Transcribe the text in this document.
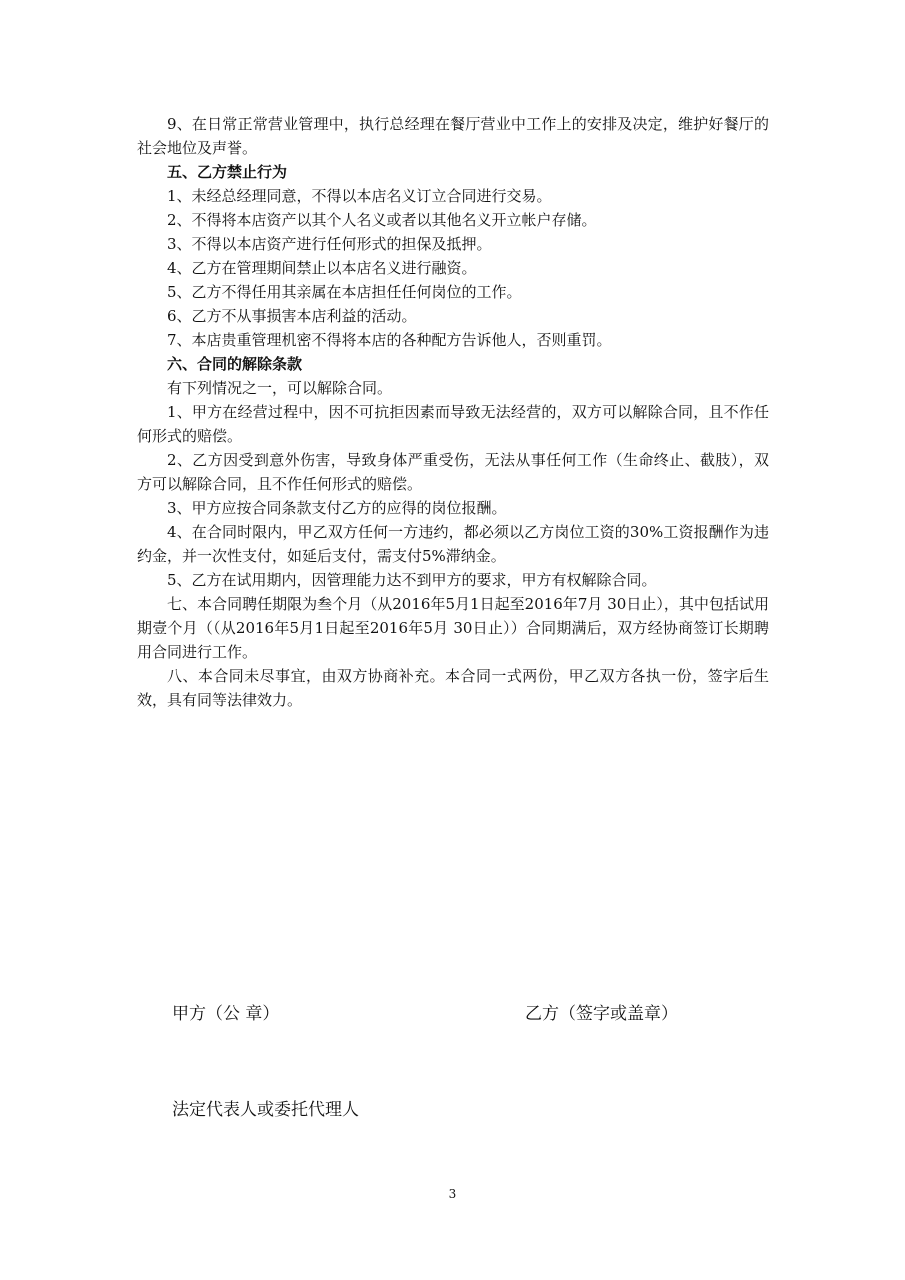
9、在日常正常营业管理中，执行总经理在餐厅营业中工作上的安排及决定，维护好餐厅的社会地位及声誉。

五、乙方禁止行为

1、未经总经理同意，不得以本店名义订立合同进行交易。

2、不得将本店资产以其个人名义或者以其他名义开立帐户存储。

3、不得以本店资产进行任何形式的担保及抵押。

4、乙方在管理期间禁止以本店名义进行融资。

5、乙方不得任用其亲属在本店担任任何岗位的工作。

6、乙方不从事损害本店利益的活动。

7、本店贵重管理机密不得将本店的各种配方告诉他人，否则重罚。

六、合同的解除条款

有下列情况之一，可以解除合同。

1、甲方在经营过程中，因不可抗拒因素而导致无法经营的，双方可以解除合同，且不作任何形式的赔偿。

2、乙方因受到意外伤害，导致身体严重受伤，无法从事任何工作（生命终止、截肢），双方可以解除合同，且不作任何形式的赔偿。

3、甲方应按合同条款支付乙方的应得的岗位报酬。

4、在合同时限内，甲乙双方任何一方违约，都必须以乙方岗位工资的30%工资报酬作为违约金，并一次性支付，如延后支付，需支付5%滞纳金。

5、乙方在试用期内，因管理能力达不到甲方的要求，甲方有权解除合同。

七、本合同聘任期限为叁个月（从2016年5月1日起至2016年7月 30日止），其中包括试用期壹个月（（从2016年5月1日起至2016年5月 30日止））合同期满后，双方经协商签订长期聘用合同进行工作。

八、本合同未尽事宜，由双方协商补充。本合同一式两份，甲乙双方各执一份，签字后生效，具有同等法律效力。

甲方（公 章）	乙方（签字或盖章）
法定代表人或委托代理人
3
